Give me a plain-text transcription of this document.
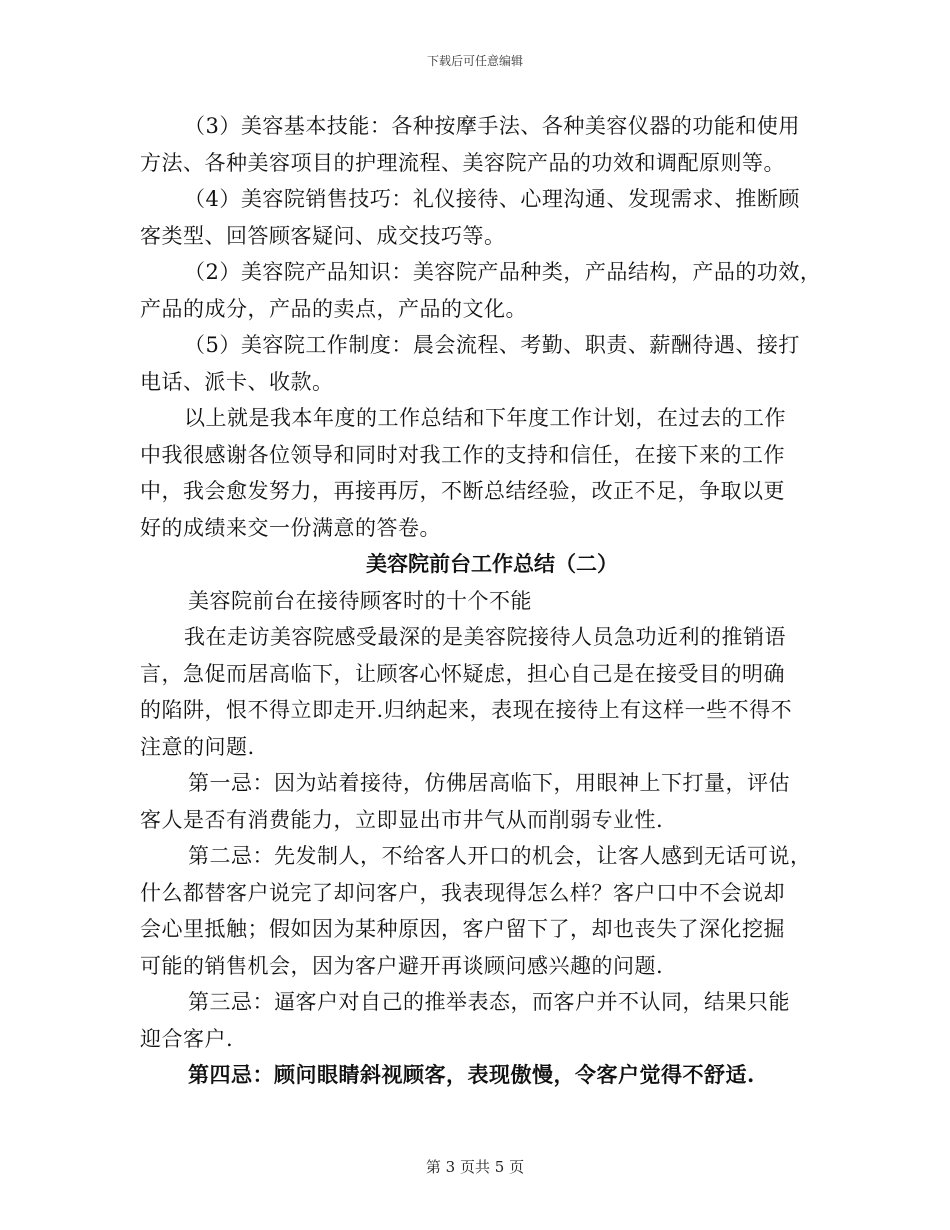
下载后可任意编辑
（3）美容基本技能：各种按摩手法、各种美容仪器的功能和使用
方法、各种美容项目的护理流程、美容院产品的功效和调配原则等。
（4）美容院销售技巧：礼仪接待、心理沟通、发现需求、推断顾
客类型、回答顾客疑问、成交技巧等。
（2）美容院产品知识：美容院产品种类，产品结构，产品的功效，
产品的成分，产品的卖点，产品的文化。
（5）美容院工作制度：晨会流程、考勤、职责、薪酬待遇、接打
电话、派卡、收款。
以上就是我本年度的工作总结和下年度工作计划，在过去的工作
中我很感谢各位领导和同时对我工作的支持和信任，在接下来的工作
中，我会愈发努力，再接再厉，不断总结经验，改正不足，争取以更
好的成绩来交一份满意的答卷。
美容院前台工作总结（二）
美容院前台在接待顾客时的十个不能
我在走访美容院感受最深的是美容院接待人员急功近利的推销语
言，急促而居高临下，让顾客心怀疑虑，担心自己是在接受目的明确
的陷阱，恨不得立即走开.归纳起来，表现在接待上有这样一些不得不
注意的问题.
第一忌：因为站着接待，仿佛居高临下，用眼神上下打量，评估
客人是否有消费能力，立即显出市井气从而削弱专业性.
第二忌：先发制人，不给客人开口的机会，让客人感到无话可说，
什么都替客户说完了却问客户，我表现得怎么样？客户口中不会说却
会心里抵触；假如因为某种原因，客户留下了，却也丧失了深化挖掘
可能的销售机会，因为客户避开再谈顾问感兴趣的问题.
第三忌：逼客户对自己的推举表态，而客户并不认同，结果只能
迎合客户.
第四忌：顾问眼睛斜视顾客，表现傲慢，令客户觉得不舒适.
第 3 页共 5 页
